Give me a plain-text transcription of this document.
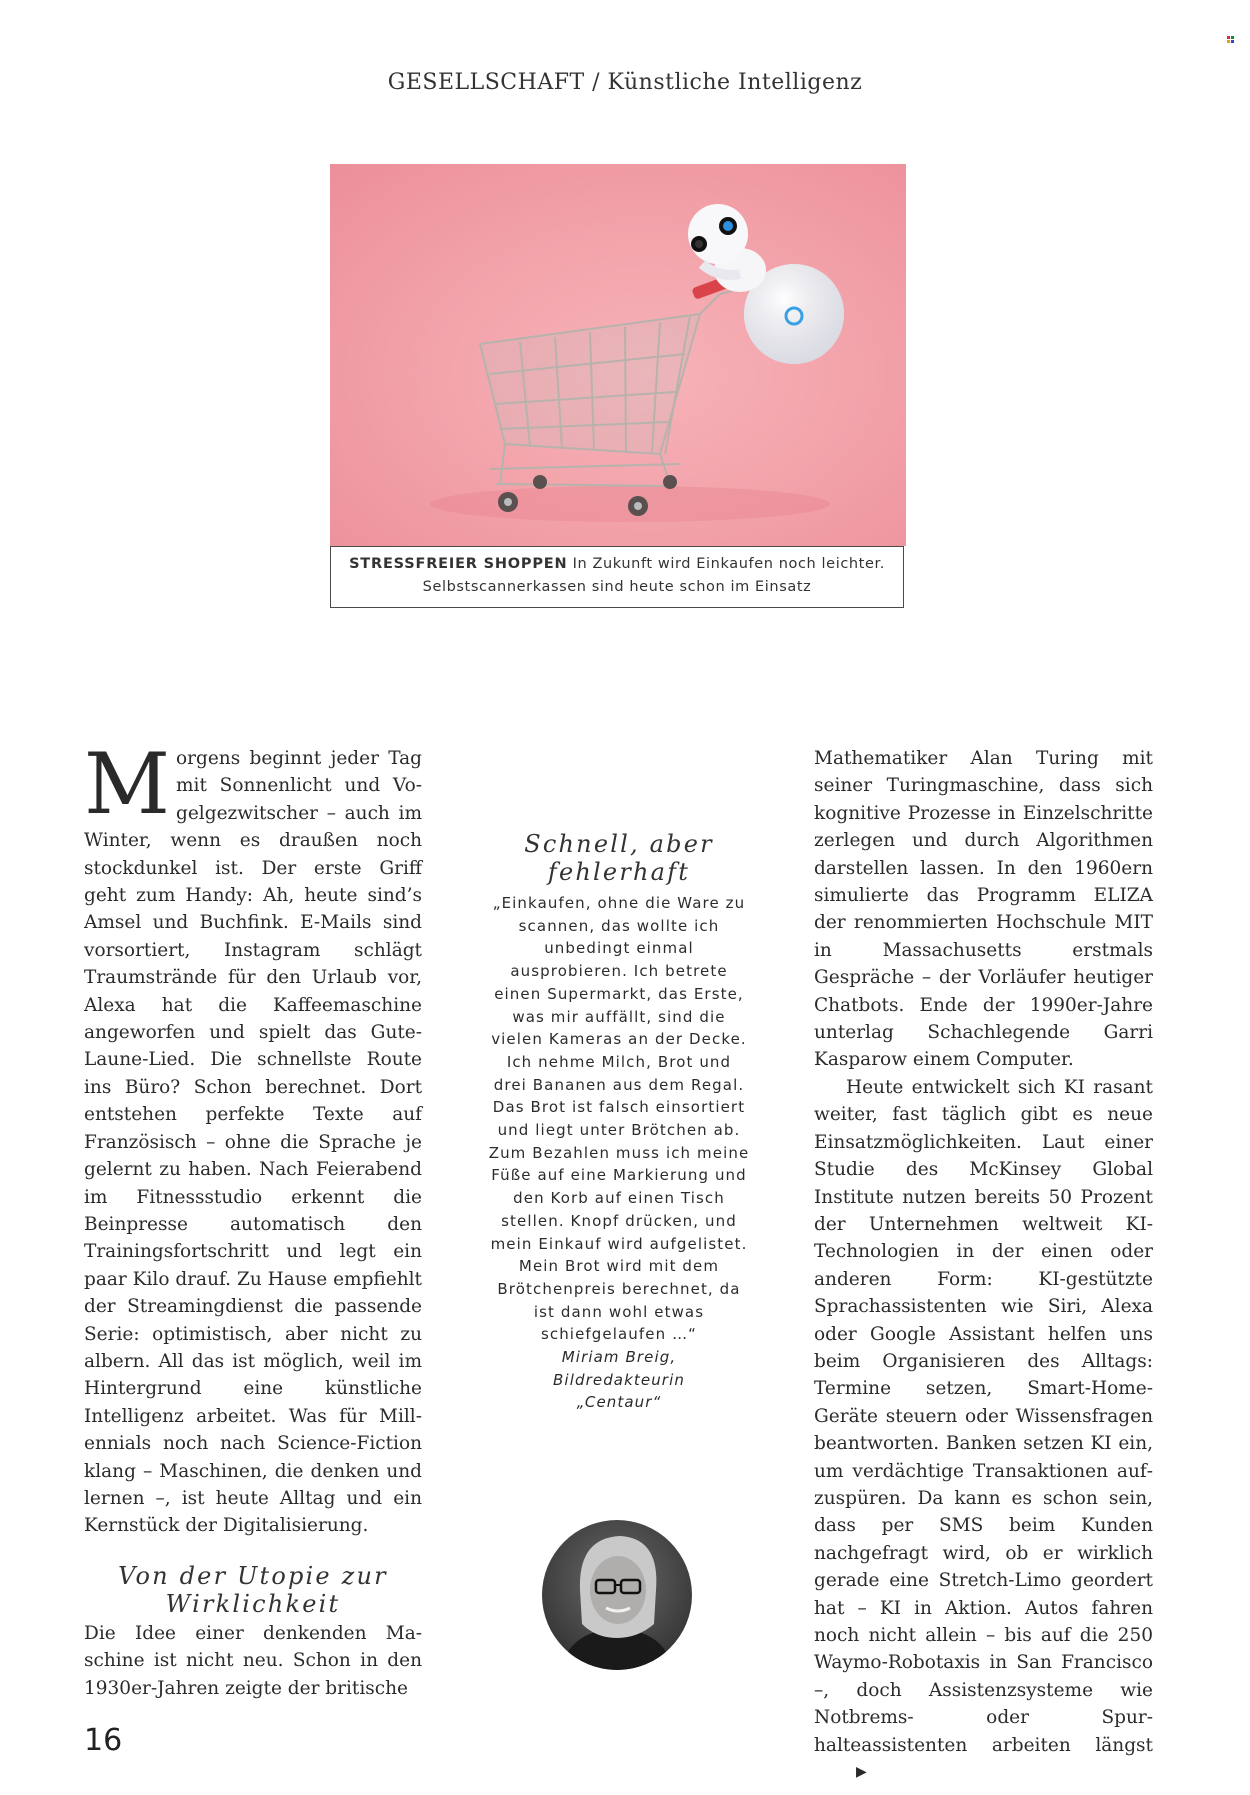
GESELLSCHAFT / Künstliche Intelligenz
STRESSFREIER SHOPPEN In Zukunft wird Einkaufen noch leichter. Selbstscannerkassen sind heute schon im Einsatz

Morgens beginnt jeder Tag mit Sonnenlicht und Vogelgezwitscher – auch im Winter, wenn es draußen noch stockdunkel ist. Der erste Griff geht zum Handy: Ah, heute sind’s Amsel und Buchfink. E-Mails sind vorsortiert, Instagram schlägt Traumstrände für den Urlaub vor, Alexa hat die Kaffeemaschine angeworfen und spielt das Gute-Laune-Lied. Die schnellste Route ins Büro? Schon berechnet. Dort entstehen perfekte Texte auf Französisch – ohne die Sprache je gelernt zu haben. Nach Feierabend im Fitnessstudio erkennt die Beinpresse automatisch den Trainingsfortschritt und legt ein paar Kilo drauf. Zu Hause empfiehlt der Streamingdienst die passende Serie: optimistisch, aber nicht zu albern. All das ist möglich, weil im Hintergrund eine künstliche Intelligenz arbeitet. Was für Millennials noch nach Science-Fiction klang – Maschinen, die denken und lernen –, ist heute Alltag und ein Kernstück der Digitalisierung.

Von der Utopie zur Wirklichkeit

Die Idee einer denkenden Maschine ist nicht neu. Schon in den 1930er-Jahren zeigte der britische

Schnell, aber fehlerhaft

„Einkaufen, ohne die Ware zu scannen, das wollte ich unbedingt einmal ausprobieren. Ich betrete einen Supermarkt, das Erste, was mir auffällt, sind die vielen Kameras an der Decke. Ich nehme Milch, Brot und drei Bananen aus dem Regal. Das Brot ist falsch einsortiert und liegt unter Brötchen ab. Zum Bezahlen muss ich meine Füße auf eine Markierung und den Korb auf einen Tisch stellen. Knopf drücken, und mein Einkauf wird aufgelistet. Mein Brot wird mit dem Brötchenpreis berechnet, da ist dann wohl etwas schiefgelaufen …“

Miriam Breig,
Bildredakteurin
„Centaur“

Mathematiker Alan Turing mit seiner Turingmaschine, dass sich kognitive Prozesse in Einzelschritte zerlegen und durch Algorithmen darstellen lassen. In den 1960ern simulierte das Programm ELIZA der renommierten Hochschule MIT in Massachusetts erstmals Gespräche – der Vorläufer heutiger Chatbots. Ende der 1990er-Jahre unterlag Schachlegende Garri Kasparow einem Computer.

Heute entwickelt sich KI rasant weiter, fast täglich gibt es neue Einsatzmöglichkeiten. Laut einer Studie des McKinsey Global Institute nutzen bereits 50 Prozent der Unternehmen weltweit KI-Technologien in der einen oder anderen Form: KI-gestützte Sprachassistenten wie Siri, Alexa oder Google Assistant helfen uns beim Organisieren des Alltags: Termine setzen, Smart-Home-Geräte steuern oder Wissensfragen beantworten. Banken setzen KI ein, um verdächtige Transaktionen aufzuspüren. Da kann es schon sein, dass per SMS beim Kunden nachgefragt wird, ob er wirklich gerade eine Stretch-Limo geordert hat – KI in Aktion. Autos fahren noch nicht allein – bis auf die 250 Waymo-Robotaxis in San Francisco –, doch Assistenzsysteme wie Notbrems- oder Spurhalteassistenten arbeiten längst▶

16
